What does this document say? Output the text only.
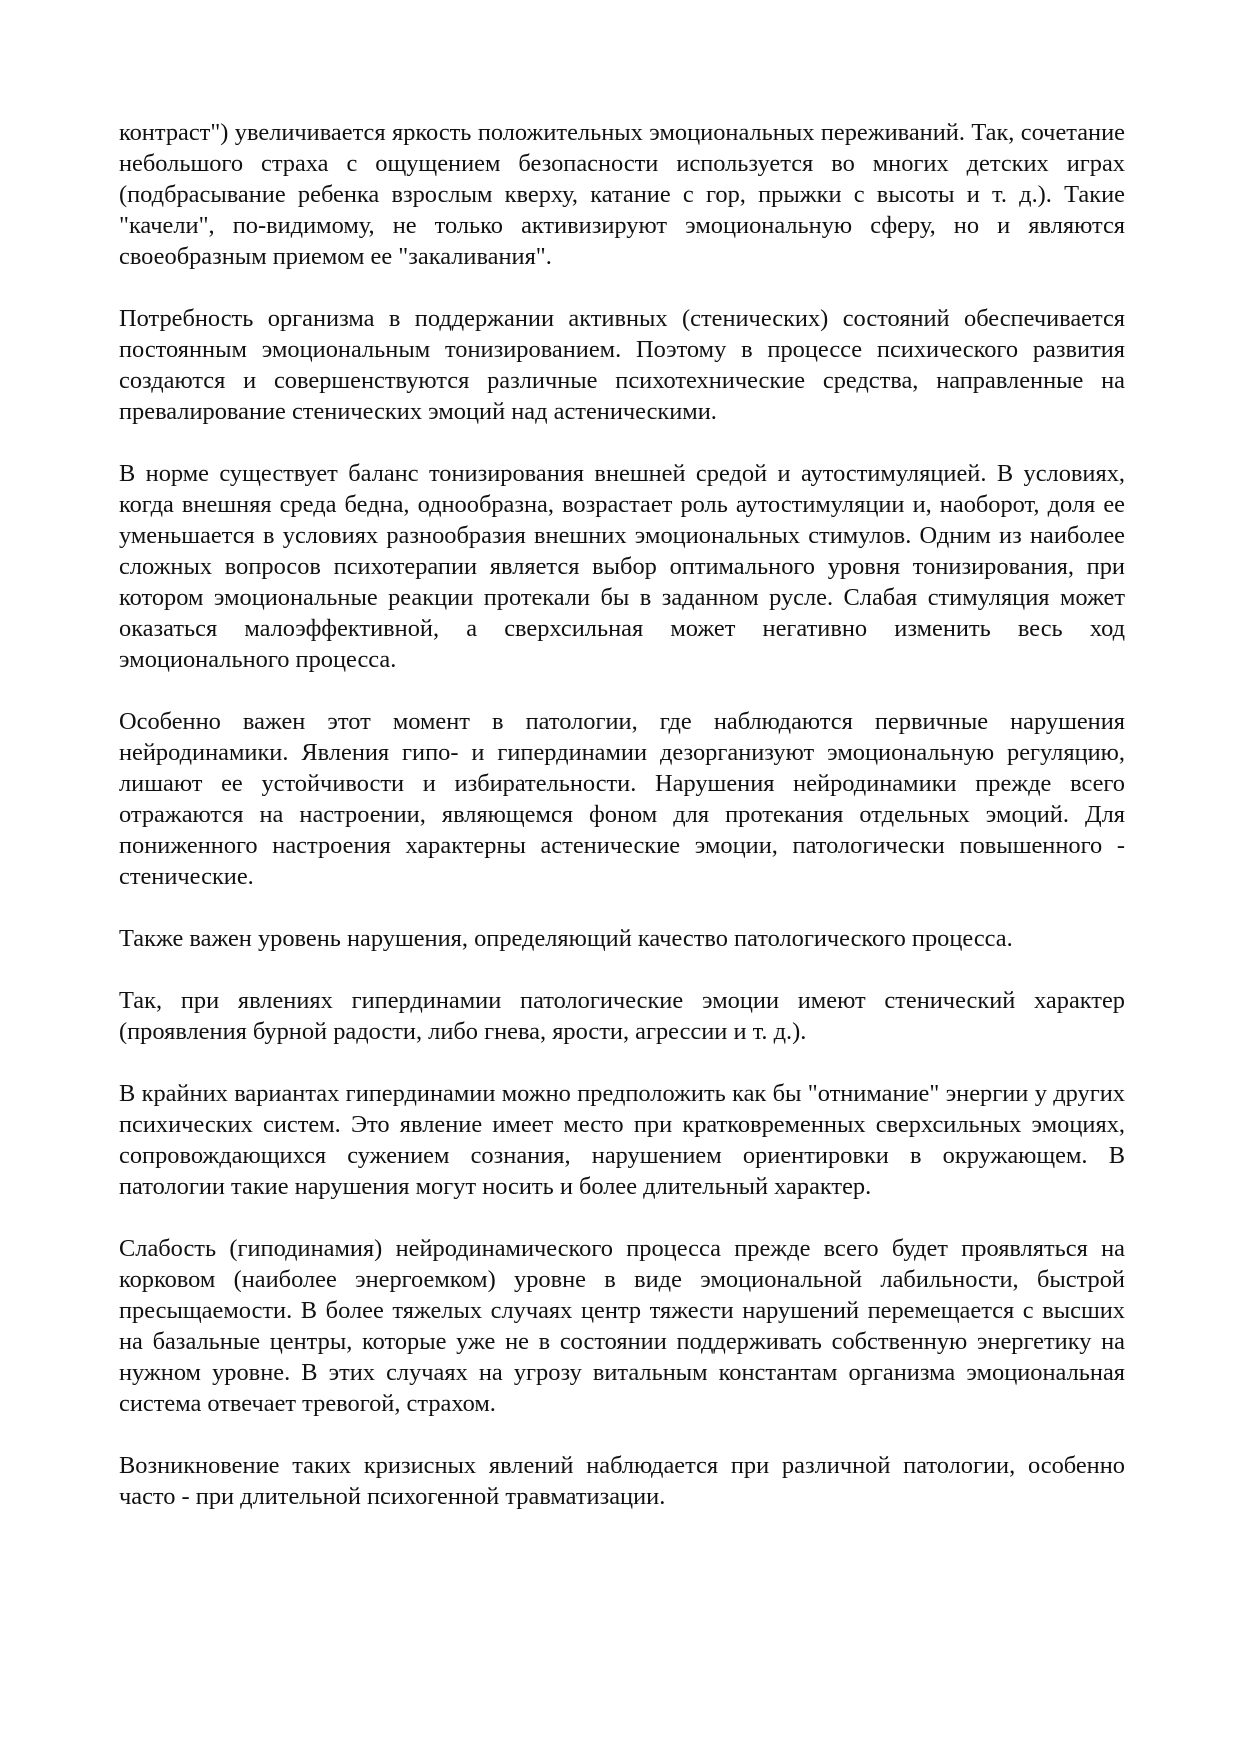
контраст") увеличивается яркость положительных эмоциональных переживаний. Так, сочетание небольшого страха с ощущением безопасности используется во многих детских играх (подбрасывание ребенка взрослым кверху, катание с гор, прыжки с высоты и т. д.). Такие "качели", по-видимому, не только активизируют эмоциональную сферу, но и являются своеобразным приемом ее "закаливания".

Потребность организма в поддержании активных (стенических) состояний обеспечивается постоянным эмоциональным тонизированием. Поэтому в процессе психического развития создаются и совершенствуются различные психотехнические средства, направленные на превалирование стенических эмоций над астеническими.

В норме существует баланс тонизирования внешней средой и аутостимуляцией. В условиях, когда внешняя среда бедна, однообразна, возрастает роль аутостимуляции и, наоборот, доля ее уменьшается в условиях разнообразия внешних эмоциональных стимулов. Одним из наиболее сложных вопросов психотерапии является выбор оптимального уровня тонизирования, при котором эмоциональные реакции протекали бы в заданном русле. Слабая стимуляция может оказаться малоэффективной, а сверхсильная может негативно изменить весь ход эмоционального процесса.

Особенно важен этот момент в патологии, где наблюдаются первичные нарушения нейродинамики. Явления гипо- и гипердинамии дезорганизуют эмоциональную регуляцию, лишают ее устойчивости и избирательности. Нарушения нейродинамики прежде всего отражаются на настроении, являющемся фоном для протекания отдельных эмоций. Для пониженного настроения характерны астенические эмоции, патологически повышенного - стенические.

Также важен уровень нарушения, определяющий качество патологического процесса.

Так, при явлениях гипердинамии патологические эмоции имеют стенический характер (проявления бурной радости, либо гнева, ярости, агрессии и т. д.).

В крайних вариантах гипердинамии можно предположить как бы "отнимание" энергии у других психических систем. Это явление имеет место при кратковременных сверхсильных эмоциях, сопровождающихся сужением сознания, нарушением ориентировки в окружающем. В патологии такие нарушения могут носить и более длительный характер.

Слабость (гиподинамия) нейродинамического процесса прежде всего будет проявляться на корковом (наиболее энергоемком) уровне в виде эмоциональной лабильности, быстрой пресыщаемости. В более тяжелых случаях центр тяжести нарушений перемещается с высших на базальные центры, которые уже не в состоянии поддерживать собственную энергетику на нужном уровне. В этих случаях на угрозу витальным константам организма эмоциональная система отвечает тревогой, страхом.

Возникновение таких кризисных явлений наблюдается при различной патологии, особенно часто - при длительной психогенной травматизации.
